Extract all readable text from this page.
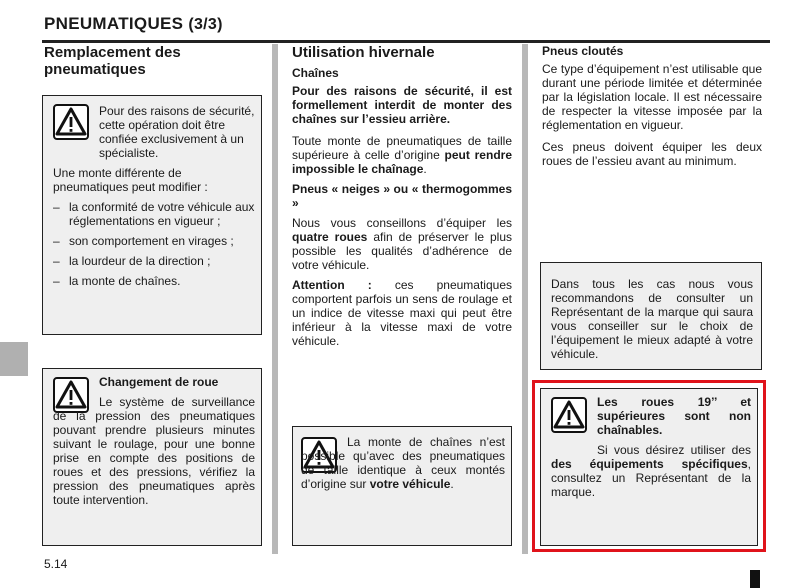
PNEUMATIQUES (3/3)
Remplacement des
pneumatiques
Pour des raisons de sécurité, cette opération doit être confiée exclusivement à un spécialiste.
Une monte différente de pneumatiques peut modifier :
– la conformité de votre véhicule aux réglementations en vigueur ;
– son comportement en virages ;
– la lourdeur de la direction ;
– la monte de chaînes.
Changement de roue
Le système de surveillance de la pression des pneumatiques pouvant prendre plusieurs minutes suivant le roulage, pour une bonne prise en compte des positions de roues et des pressions, vérifiez la pression des pneumatiques après toute intervention.
Utilisation hivernale
Chaînes
Pour des raisons de sécurité, il est formellement interdit de monter des chaînes sur l’essieu arrière.
Toute monte de pneumatiques de taille supérieure à celle d’origine peut rendre impossible le chaînage.
Pneus « neiges » ou « thermogommes »
Nous vous conseillons d’équiper les quatre roues afin de préserver le plus possible les qualités d’adhérence de votre véhicule.
Attention : ces pneumatiques comportent parfois un sens de roulage et un indice de vitesse maxi qui peut être inférieur à la vitesse maxi de votre véhicule.
La monte de chaînes n’est possible qu’avec des pneumatiques de taille identique à ceux montés d’origine sur votre véhicule.
Pneus cloutés
Ce type d’équipement n’est utilisable que durant une période limitée et déterminée par la législation locale. Il est nécessaire de respecter la vitesse imposée par la réglementation en vigueur.
Ces pneus doivent équiper les deux roues de l’essieu avant au minimum.
Dans tous les cas nous vous recommandons de consulter un Représentant de la marque qui saura vous conseiller sur le choix de l’équipement le mieux adapté à votre véhicule.
Les roues 19’’ et supérieures sont non chaînables.
Si vous désirez utiliser des des équipements spécifiques, consultez un Représentant de la marque.
5.14
